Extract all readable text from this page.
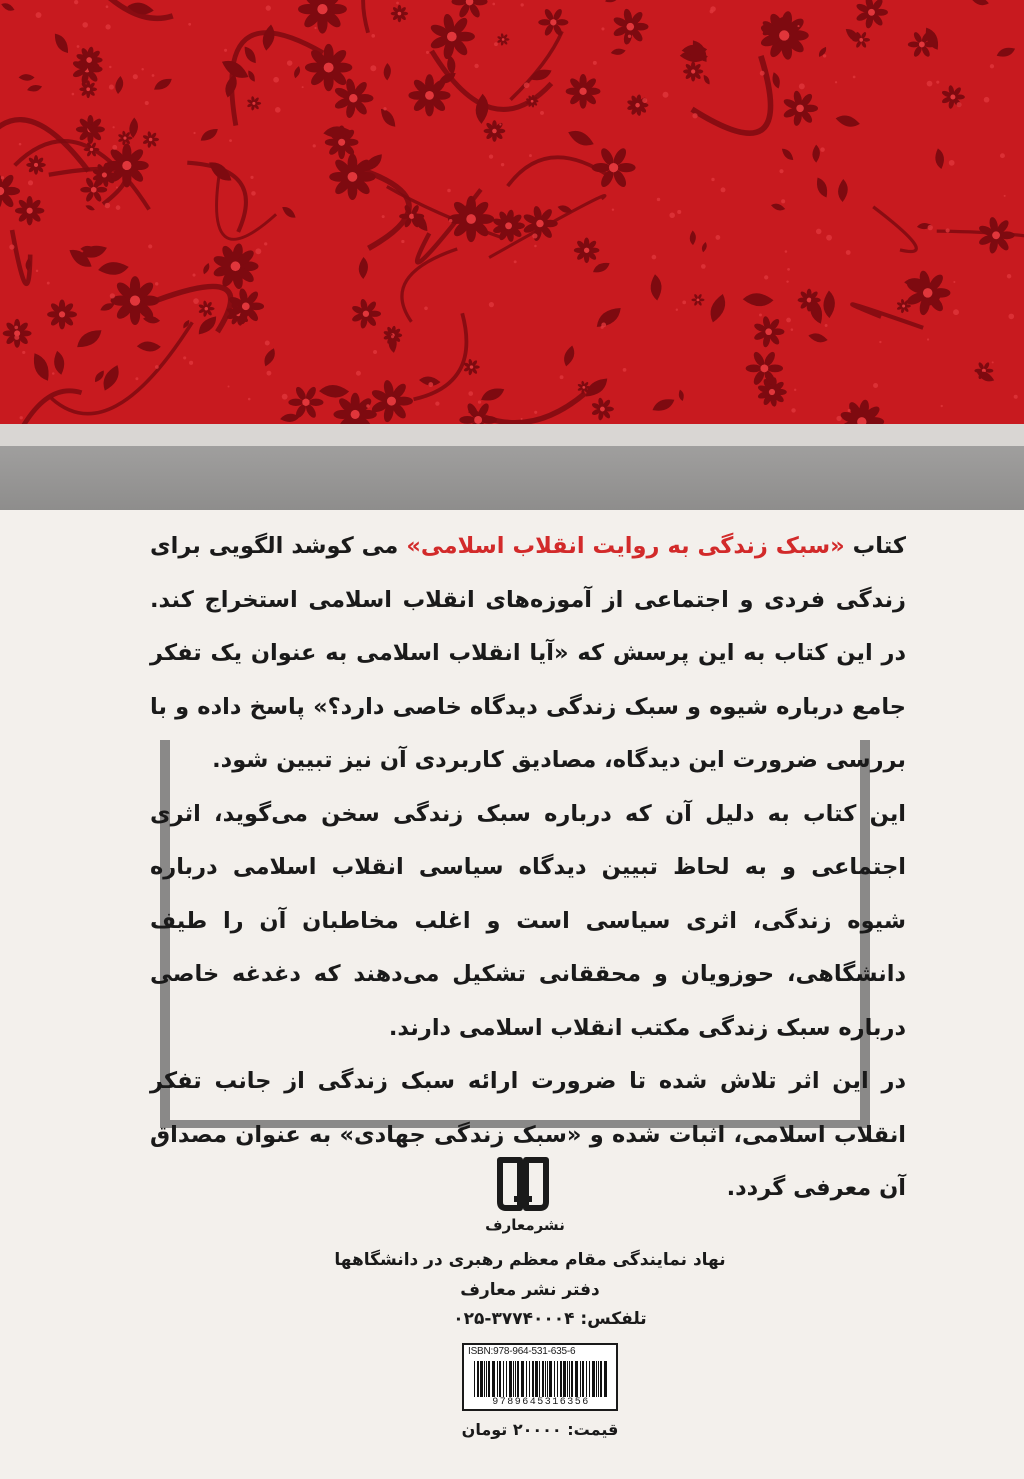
کتاب «سبک زندگی به روایت انقلاب اسلامی» می کوشد الگویی برای زندگی فردی و اجتماعی از آموزه‌های انقلاب اسلامی استخراج کند. در این کتاب به این پرسش که «آیا انقلاب اسلامی به عنوان یک تفکر جامع درباره شیوه و سبک زندگی دیدگاه خاصی دارد؟» پاسخ داده و با بررسی ضرورت این دیدگاه، مصادیق کاربردی آن نیز تبیین شود.

این کتاب به دلیل آن که درباره سبک زندگی سخن می‌گوید، اثری اجتماعی و به لحاظ تبیین دیدگاه سیاسی انقلاب اسلامی درباره شیوه زندگی، اثری سیاسی است و اغلب مخاطبان آن را طیف دانشگاهی، حوزویان و محققانی تشکیل می‌دهند که دغدغه خاصی درباره سبک زندگی مکتب انقلاب اسلامی دارند.

در این اثر تلاش شده تا ضرورت ارائه سبک زندگی از جانب تفکر انقلاب اسلامی، اثبات شده و «سبک زندگی جهادی» به عنوان مصداق آن معرفی گردد.

نشرمعارف
نهاد نمایندگی مقام معظم رهبری در دانشگاهها
دفتر نشر معارف
تلفکس: ۳۷۷۴۰۰۰۴-۰۲۵
ISBN:978-964-531-635-6
9789645316356
قیمت: ۲۰۰۰۰ تومان
